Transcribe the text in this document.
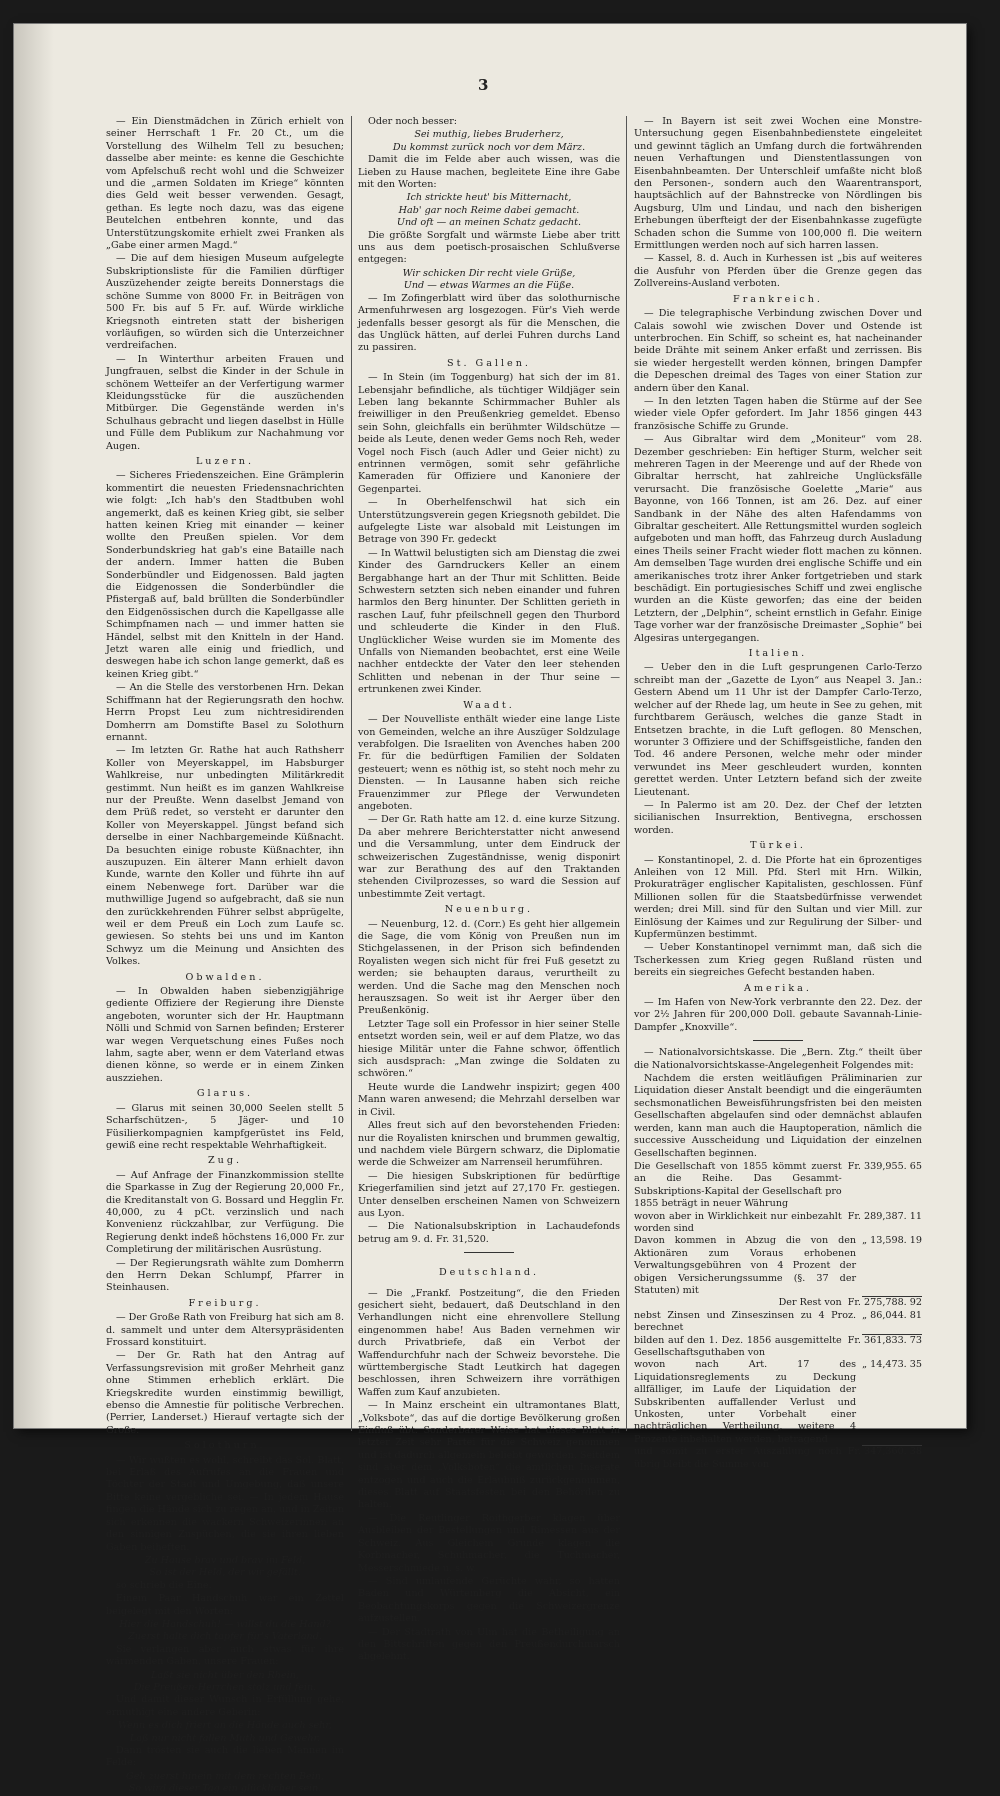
3

— Ein Dienstmädchen in Zürich erhielt von seiner Herrschaft 1 Fr. 20 Ct., um die Vorstellung des Wilhelm Tell zu besuchen; dasselbe aber meinte: es kenne die Geschichte vom Apfelschuß recht wohl und die Schweizer und die „armen Soldaten im Kriege“ könnten dies Geld weit besser verwenden. Gesagt, gethan. Es legte noch dazu, was das eigene Beutelchen entbehren konnte, und das Unterstützungskomite erhielt zwei Franken als „Gabe einer armen Magd.“

— Die auf dem hiesigen Museum aufgelegte Subskriptionsliste für die Familien dürftiger Auszüzehender zeigte bereits Donnerstags die schöne Summe von 8000 Fr. in Beiträgen von 500 Fr. bis auf 5 Fr. auf. Würde wirkliche Kriegsnoth eintreten statt der bisherigen vorläufigen, so würden sich die Unterzeichner verdreifachen.

— In Winterthur arbeiten Frauen und Jungfrauen, selbst die Kinder in der Schule in schönem Wetteifer an der Verfertigung warmer Kleidungsstücke für die auszüchenden Mitbürger. Die Gegenstände werden in's Schulhaus gebracht und liegen daselbst in Hülle und Fülle dem Publikum zur Nachahmung vor Augen.

Luzern.

— Sicheres Friedenszeichen. Eine Grämplerin kommentirt die neuesten Friedensnachrichten wie folgt: „Ich hab's den Stadtbuben wohl angemerkt, daß es keinen Krieg gibt, sie selber hatten keinen Krieg mit einander — keiner wollte den Preußen spielen. Vor dem Sonderbundskrieg hat gab's eine Bataille nach der andern. Immer hatten die Buben Sonderbündler und Eidgenossen. Bald jagten die Eidgenossen die Sonderbündler die Pfistergaß auf, bald brüllten die Sonderbündler den Eidgenössischen durch die Kapellgasse alle Schimpfnamen nach — und immer hatten sie Händel, selbst mit den Knitteln in der Hand. Jetzt waren alle einig und friedlich, und deswegen habe ich schon lange gemerkt, daß es keinen Krieg gibt.“

— An die Stelle des verstorbenen Hrn. Dekan Schiffmann hat der Regierungsrath den hochw. Herrn Propst Leu zum nichtresidirenden Domherrn am Domstifte Basel zu Solothurn ernannt.

— Im letzten Gr. Rathe hat auch Rathsherr Koller von Meyerskappel, im Habsburger Wahlkreise, nur unbedingten Militärkredit gestimmt. Nun heißt es im ganzen Wahlkreise nur der Preußte. Wenn daselbst Jemand von dem Prüß redet, so versteht er darunter den Koller von Meyerskappel. Jüngst befand sich derselbe in einer Nachbargemeinde Küßnacht. Da besuchten einige robuste Küßnachter, ihn auszupuzen. Ein älterer Mann erhielt davon Kunde, warnte den Koller und führte ihn auf einem Nebenwege fort. Darüber war die muthwillige Jugend so aufgebracht, daß sie nun den zurückkehrenden Führer selbst abprügelte, weil er dem Preuß ein Loch zum Laufe sc. gewiesen. So stehts bei uns und im Kanton Schwyz um die Meinung und Ansichten des Volkes.

Obwalden.

— In Obwalden haben siebenzigjährige gediente Offiziere der Regierung ihre Dienste angeboten, worunter sich der Hr. Hauptmann Nölli und Schmid von Sarnen befinden; Ersterer war wegen Verquetschung eines Fußes noch lahm, sagte aber, wenn er dem Vaterland etwas dienen könne, so werde er in einem Zinken auszziehen.

Glarus.

— Glarus mit seinen 30,000 Seelen stellt 5 Scharfschützen-, 5 Jäger- und 10 Füsilierkompagnien kampfgerüstet ins Feld, gewiß eine recht respektable Wehrhaftigkeit.

Zug.

— Auf Anfrage der Finanzkommission stellte die Sparkasse in Zug der Regierung 20,000 Fr., die Kreditanstalt von G. Bossard und Hegglin Fr. 40,000, zu 4 pCt. verzinslich und nach Konvenienz rückzahlbar, zur Verfügung. Die Regierung denkt indeß höchstens 16,000 Fr. zur Completirung der militärischen Ausrüstung.

— Der Regierungsrath wählte zum Domherrn den Herrn Dekan Schlumpf, Pfarrer in Steinhausen.

Freiburg.

— Der Große Rath von Freiburg hat sich am 8. d. sammelt und unter dem Altersypräsidenten Frossard konstituirt.

— Der Gr. Rath hat den Antrag auf Verfassungsrevision mit großer Mehrheit ganz ohne Stimmen erheblich erklärt. Die Kriegskredite wurden einstimmig bewilligt, ebenso die Amnestie für politische Verbrechen. (Perrier, Landerset.) Hierauf vertagte sich der Große.

Solothurn.

— Wir wußten es wohl, schreibt das Sol. Blatt, bei Erlaß des Aufrufes an die Frauen und Töchter der Stadt und Umgebung, daß unsere Bitte keine vergebliche sei. — In jedem Hause fingen die Hände sich zu regen an, und in Zeiten sich erkennen die wackern Schweizerinnen an den sinnigen Zuspüchen, die sie ihren lieben Gaben beiheften.

Zu Hause brav und brav im Feld,
So ist der Held, der wir gefällt.

so schrieb die Eine.

Einem Paar Handschuh war ein Zettel beigelegt mit den Worten:

Hier die Handschuh! — willst du die Hand?
Zuerst halte dich tapfer für's Vaterland.

Sie verlangen aber auch etwas für ihre wärmenden Gaben, unsere Frauen:

Laßt sie nicht über den Rhein,
Die Preußen-Herrchen stolz und fein.

Und damit dieser Wunsch in Erfüllung gehe, ermuthigt eine andere Geberin:

Wenn es dich friert an die Hände auch sehr,
Laß nur nicht fallen Muth und Gewehr.

Dann trösten sie auch die lieben Mannen im Felde:

Geh zuerst hinein mit dem rechten Bein,
So wird dieser Tag ein glücklicher sein.

Oder noch besser:

Sei muthig, liebes Bruderherz,
Du kommst zurück noch vor dem März.

Damit die im Felde aber auch wissen, was die Lieben zu Hause machen, begleitete Eine ihre Gabe mit den Worten:

Ich strickte heut' bis Mitternacht,
Hab' gar noch Reime dabei gemacht.
Und oft — an meinen Schatz gedacht.

Die größte Sorgfalt und wärmste Liebe aber tritt uns aus dem poetisch-prosaischen Schlußverse entgegen:

Wir schicken Dir recht viele Grüße,
Und — etwas Warmes an die Füße.

— Im Zofingerblatt wird über das solothurnische Armenfuhrwesen arg losgezogen. Für's Vieh werde jedenfalls besser gesorgt als für die Menschen, die das Unglück hätten, auf derlei Fuhren durchs Land zu passiren.

St. Gallen.

— In Stein (im Toggenburg) hat sich der im 81. Lebensjahr befindliche, als tüchtiger Wildjäger sein Leben lang bekannte Schirmmacher Buhler als freiwilliger in den Preußenkrieg gemeldet. Ebenso sein Sohn, gleichfalls ein berühmter Wildschütze — beide als Leute, denen weder Gems noch Reh, weder Vogel noch Fisch (auch Adler und Geier nicht) zu entrinnen vermögen, somit sehr gefährliche Kameraden für Offiziere und Kanoniere der Gegenpartei.

— In Oberhelfenschwil hat sich ein Unterstützungsverein gegen Kriegsnoth gebildet. Die aufgelegte Liste war alsobald mit Leistungen im Betrage von 390 Fr. gedeckt

— In Wattwil belustigten sich am Dienstag die zwei Kinder des Garndruckers Keller an einem Bergabhange hart an der Thur mit Schlitten. Beide Schwestern setzten sich neben einander und fuhren harmlos den Berg hinunter. Der Schlitten gerieth in raschen Lauf, fuhr pfeilschnell gegen den Thurbord und schleuderte die Kinder in den Fluß. Unglücklicher Weise wurden sie im Momente des Unfalls von Niemanden beobachtet, erst eine Weile nachher entdeckte der Vater den leer stehenden Schlitten und nebenan in der Thur seine — ertrunkenen zwei Kinder.

Waadt.

— Der Nouvelliste enthält wieder eine lange Liste von Gemeinden, welche an ihre Auszüger Soldzulage verabfolgen. Die Israeliten von Avenches haben 200 Fr. für die bedürftigen Familien der Soldaten gesteuert; wenn es nöthig ist, so steht noch mehr zu Diensten. — In Lausanne haben sich reiche Frauenzimmer zur Pflege der Verwundeten angeboten.

— Der Gr. Rath hatte am 12. d. eine kurze Sitzung. Da aber mehrere Berichterstatter nicht anwesend und die Versammlung, unter dem Eindruck der schweizerischen Zugeständnisse, wenig disponirt war zur Berathung des auf den Traktanden stehenden Civilprozesses, so ward die Session auf unbestimmte Zeit vertagt.

Neuenburg.

— Neuenburg, 12. d. (Corr.) Es geht hier allgemein die Sage, die vom König von Preußen nun im Stichgelassenen, in der Prison sich befindenden Royalisten wegen sich nicht für frei Fuß gesetzt zu werden; sie behaupten daraus, verurtheilt zu werden. Und die Sache mag den Menschen noch herauszsagen. So weit ist ihr Aerger über den Preußenkönig.

Letzter Tage soll ein Professor in hier seiner Stelle entsetzt worden sein, weil er auf dem Platze, wo das hiesige Militär unter die Fahne schwor, öffentlich sich ausdsprach: „Man zwinge die Soldaten zu schwören.“

Heute wurde die Landwehr inspizirt; gegen 400 Mann waren anwesend; die Mehrzahl derselben war in Civil.

Alles freut sich auf den bevorstehenden Frieden: nur die Royalisten knirschen und brummen gewaltig, und nachdem viele Bürgern schwarz, die Diplomatie werde die Schweizer am Narrenseil herumführen.

— Die hiesigen Subskriptionen für bedürftige Kriegerfamilien sind jetzt auf 27,170 Fr. gestiegen. Unter denselben erscheinen Namen von Schweizern aus Lyon.

— Die Nationalsubskription in Lachaudefonds betrug am 9. d. Fr. 31,520.

Deutschland.

— Die „Frankf. Postzeitung“, die den Frieden gesichert sieht, bedauert, daß Deutschland in den Verhandlungen nicht eine ehrenvollere Stellung eingenommen habe! Aus Baden vernehmen wir durch Privatbriefe, daß ein Verbot der Waffendurchfuhr nach der Schweiz bevorstehe. Die württembergische Stadt Leutkirch hat dagegen beschlossen, ihren Schweizern ihre vorräthigen Waffen zum Kauf anzubieten.

— In Mainz erscheint ein ultramontanes Blatt, „Volksbote“, das auf die dortige Bevölkerung großen Einfluß übt. Sonderbarer Weise hat dieses Blatt in letzter Zeit sehr Partei für die Schweiz genommen und ist dadurch allgemein beliebt geworden. Seitdem sind aber dem „Volksboten“ die amtlichen Inserate entzogen und auch die Erlaubniß zurückgenommen, dieses Blatt auf Staatsfesten bei den Behörden zu halten.

— Die Reutlinger Roithgerber klagen über Ausbleiben der Bestellungen und Rimessen aus der Schweiz. Aus Gleichem Grunde klagen die Korbmacher, Schuhmacher, die Tuchmacher, Messerschmiede u. s. w.

— Sind umlaufende Gerüchte wahr, so hatten Baden und Würtemberg die Absicht, ein Beobachtungskorps gegen die Schweizergrenze aufzustellen.

— Der Stadtrath von Ulm hat die Betheiligung an den Bittschriften gegen den Preußendurchmarsch abgelehnt.

— In Bayern ist seit zwei Wochen eine Monstre-Untersuchung gegen Eisenbahnbedienstete eingeleitet und gewinnt täglich an Umfang durch die fortwährenden neuen Verhaftungen und Dienstentlassungen von Eisenbahnbeamten. Der Unterschleif umfaßte nicht bloß den Personen-, sondern auch den Waarentransport, hauptsächlich auf der Bahnstrecke von Nördlingen bis Augsburg, Ulm und Lindau, und nach den bisherigen Erhebungen überfteigt der der Eisenbahnkasse zugefügte Schaden schon die Summe von 100,000 fl. Die weitern Ermittlungen werden noch auf sich harren lassen.

— Kassel, 8. d. Auch in Kurhessen ist „bis auf weiteres die Ausfuhr von Pferden über die Grenze gegen das Zollvereins-Ausland verboten.

Frankreich.

— Die telegraphische Verbindung zwischen Dover und Calais sowohl wie zwischen Dover und Ostende ist unterbrochen. Ein Schiff, so scheint es, hat nacheinander beide Drähte mit seinem Anker erfaßt und zerrissen. Bis sie wieder hergestellt werden können, bringen Dampfer die Depeschen dreimal des Tages von einer Station zur andern über den Kanal.

— In den letzten Tagen haben die Stürme auf der See wieder viele Opfer gefordert. Im Jahr 1856 gingen 443 französische Schiffe zu Grunde.

— Aus Gibraltar wird dem „Moniteur“ vom 28. Dezember geschrieben: Ein heftiger Sturm, welcher seit mehreren Tagen in der Meerenge und auf der Rhede von Gibraltar herrscht, hat zahlreiche Unglücksfälle verursacht. Die französische Goelette „Marie“ aus Bayonne, von 166 Tonnen, ist am 26. Dez. auf einer Sandbank in der Nähe des alten Hafendamms von Gibraltar gescheitert. Alle Rettungsmittel wurden sogleich aufgeboten und man hofft, das Fahrzeug durch Ausladung eines Theils seiner Fracht wieder flott machen zu können. Am demselben Tage wurden drei englische Schiffe und ein amerikanisches trotz ihrer Anker fortgetrieben und stark beschädigt. Ein portugiesisches Schiff und zwei englische wurden an die Küste geworfen; das eine der beiden Letztern, der „Delphin“, scheint ernstlich in Gefahr. Einige Tage vorher war der französische Dreimaster „Sophie“ bei Algesiras untergegangen.

Italien.

— Ueber den in die Luft gesprungenen Carlo-Terzo schreibt man der „Gazette de Lyon“ aus Neapel 3. Jan.: Gestern Abend um 11 Uhr ist der Dampfer Carlo-Terzo, welcher auf der Rhede lag, um heute in See zu gehen, mit furchtbarem Geräusch, welches die ganze Stadt in Entsetzen brachte, in die Luft geflogen. 80 Menschen, worunter 3 Offiziere und der Schiffsgeistliche, fanden den Tod. 46 andere Personen, welche mehr oder minder verwundet ins Meer geschleudert wurden, konnten gerettet werden. Unter Letztern befand sich der zweite Lieutenant.

— In Palermo ist am 20. Dez. der Chef der letzten sicilianischen Insurrektion, Bentivegna, erschossen worden.

Türkei.

— Konstantinopel, 2. d. Die Pforte hat ein 6prozentiges Anleihen von 12 Mill. Pfd. Sterl mit Hrn. Wilkin, Prokuraträger englischer Kapitalisten, geschlossen. Fünf Millionen sollen für die Staatsbedürfnisse verwendet werden; drei Mill. sind für den Sultan und vier Mill. zur Einlösung der Kaimes und zur Regulirung der Silber- und Kupfermünzen bestimmt.

— Ueber Konstantinopel vernimmt man, daß sich die Tscherkessen zum Krieg gegen Rußland rüsten und bereits ein siegreiches Gefecht bestanden haben.

Amerika.

— Im Hafen von New-York verbrannte den 22. Dez. der vor 2½ Jahren für 200,000 Doll. gebaute Savannah-Linie-Dampfer „Knoxville“.

— Nationalvorsichtskasse. Die „Bern. Ztg.“ theilt über die Nationalvorsichtskasse-Angelegenheit Folgendes mit:

Nachdem die ersten weitläufigen Präliminarien zur Liquidation dieser Anstalt beendigt und die eingeräumten sechsmonatlichen Beweisführungsfristen bei den meisten Gesellschaften abgelaufen sind oder demnächst ablaufen werden, kann man auch die Hauptoperation, nämlich die successive Ausscheidung und Liquidation der einzelnen Gesellschaften beginnen.

Die Gesellschaft von 1855 kömmt zuerst an die Reihe. Das Gesammt-Subskriptions-Kapital der Gesellschaft pro 1855 beträgt in neuer Währung
Fr. 339,955. 65
wovon aber in Wirklichkeit nur einbezahlt worden sind
Fr. 289,387. 11
Davon kommen in Abzug die von den Aktionären zum Voraus erhobenen Verwaltungsgebühren von 4 Prozent der obigen Versicherungssumme (§. 37 der Statuten) mit
„ 13,598. 19
Der Rest von Fr. 275,788. 92
nebst Zinsen und Zinseszinsen zu 4 Proz. berechnet
„ 86,044. 81
bilden auf den 1. Dez. 1856 ausgemittelte Gesellschaftsguthaben von
Fr. 361,833. 73
wovon nach Art. 17 des Liquidationsreglements zu Deckung allfälliger, im Laufe der Liquidation der Subskribenten auffallender Verlust und Unkosten, unter Vorbehalt einer nachträglichen Vertheilung, weitere 4 Prozente inbehalten werden, betragend
„ 14,473. 35
und somit zu erster Auszahlung noch übrig bleibt die Summe von
Fr. 347,360. 38
